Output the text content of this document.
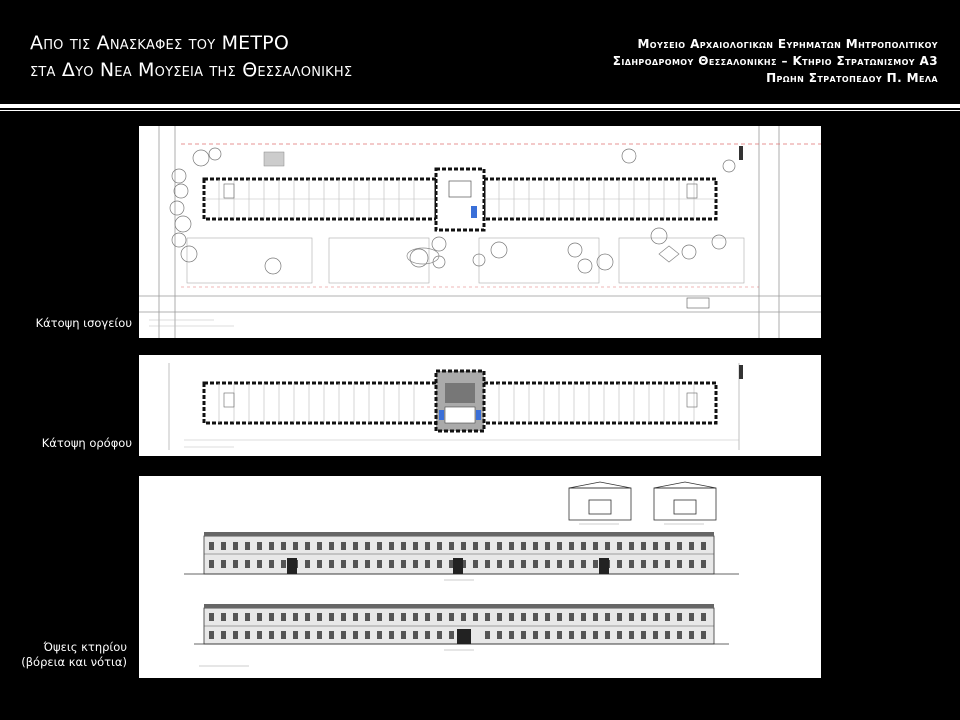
Απο τις Ανασκαφες του ΜΕΤΡΟ
στα Δυο Νεα Μουσεια της Θεσσαλονικης
Μουσειο Αρχαιολογικων Ευρηματων Μητροπολιτικου
Σιδηροδρομου Θεσσαλονικης – Κτηριο Στρατωνισμου Α3
Πρωην Στρατοπεδου Π. Μελα
Κάτοψη ισογείου
Κάτοψη ορόφου
Όψεις κτηρίου
(βόρεια και νότια)
